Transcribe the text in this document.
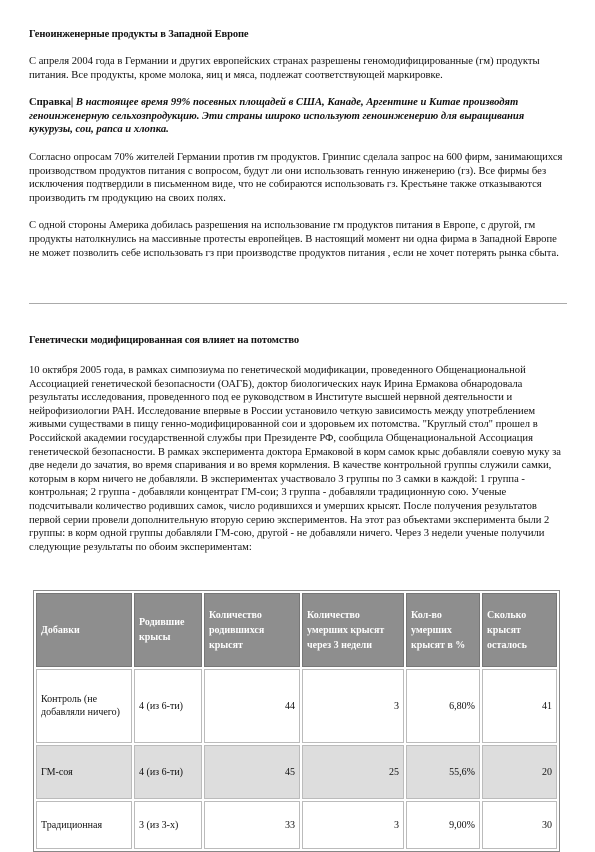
Геноинженерные продукты в Западной Европе

С апреля 2004 года в Германии и других европейских странах разрешены геномодифицированные (гм) продукты питания. Все продукты, кроме молока, яиц и мяса, подлежат соответствующей маркировке.

Справка| В настоящее время 99% посевных площадей в США, Канаде, Аргентине и Китае производят геноинженерную сельхозпродукцию. Эти страны широко используют геноинженерию для выращивания кукурузы, сои, рапса и хлопка.

Согласно опросам 70% жителей Германии против гм продуктов. Гринпис сделала запрос на 600 фирм, занимающихся производством продуктов питания с вопросом, будут ли они использовать генную инженерию (гз). Все фирмы без исключения подтвердили в письменном виде, что не собираются использовать гз. Крестьяне также отказываются производить гм продукцию на своих полях.

С одной стороны Америка добилась разрешения на использование гм продуктов питания в Европе, с другой, гм продукты натолкнулись на массивные протесты европейцев. В настоящий момент ни одна фирма в Западной Европе не может позволить себе использовать гз при производстве продуктов питания , если не хочет потерять рынка сбыта.

Генетически модифицированная соя влияет на потомство

10 октября 2005 года, в рамках симпозиума по генетической модификации, проведенного Общенациональной Ассоциацией генетической безопасности (ОАГБ), доктор биологических наук Ирина Ермакова обнародовала результаты исследования, проведенного под ее руководством в Институте высшей нервной деятельности и нейрофизиологии РАН. Исследование впервые в России установило четкую зависимость между употреблением живыми существами в пищу генно-модифицированной сои и здоровьем их потомства. "Круглый стол" прошел в Российской академии государственной службы при Президенте РФ, сообщила Общенациональной Ассоциация генетической безопасности. В рамках эксперимента доктора Ермаковой в корм самок крыс добавляли соевую муку за две недели до зачатия, во время спаривания и во время кормления. В качестве контрольной группы служили самки, которым в корм ничего не добавляли. В экспериментах участвовало 3 группы по 3 самки в каждой: 1 группа - контрольная; 2 группа - добавляли концентрат ГМ-сои; 3 группа - добавляли традиционную сою. Ученые подсчитывали количество родивших самок, число родившихся и умерших крысят. После получения результатов первой серии провели дополнительную вторую серию экспериментов. На этот раз объектами эксперимента были 2 группы: в корм одной группы добавляли ГМ-сою, другой - не добавляли ничего. Через 3 недели ученые получили следующие результаты по обоим экспериментам:

Добавки	Родившие крысы	Количество родившихся крысят	Количество умерших крысят через 3 недели	Кол-во умерших крысят в %	Сколько крысят осталось
Контроль (не добавляли ничего)	4 (из 6-ти)	44	3	6,80%	41
ГМ-соя	4 (из 6-ти)	45	25	55,6%	20
Традиционная	3 (из 3-х)	33	3	9,00%	30
